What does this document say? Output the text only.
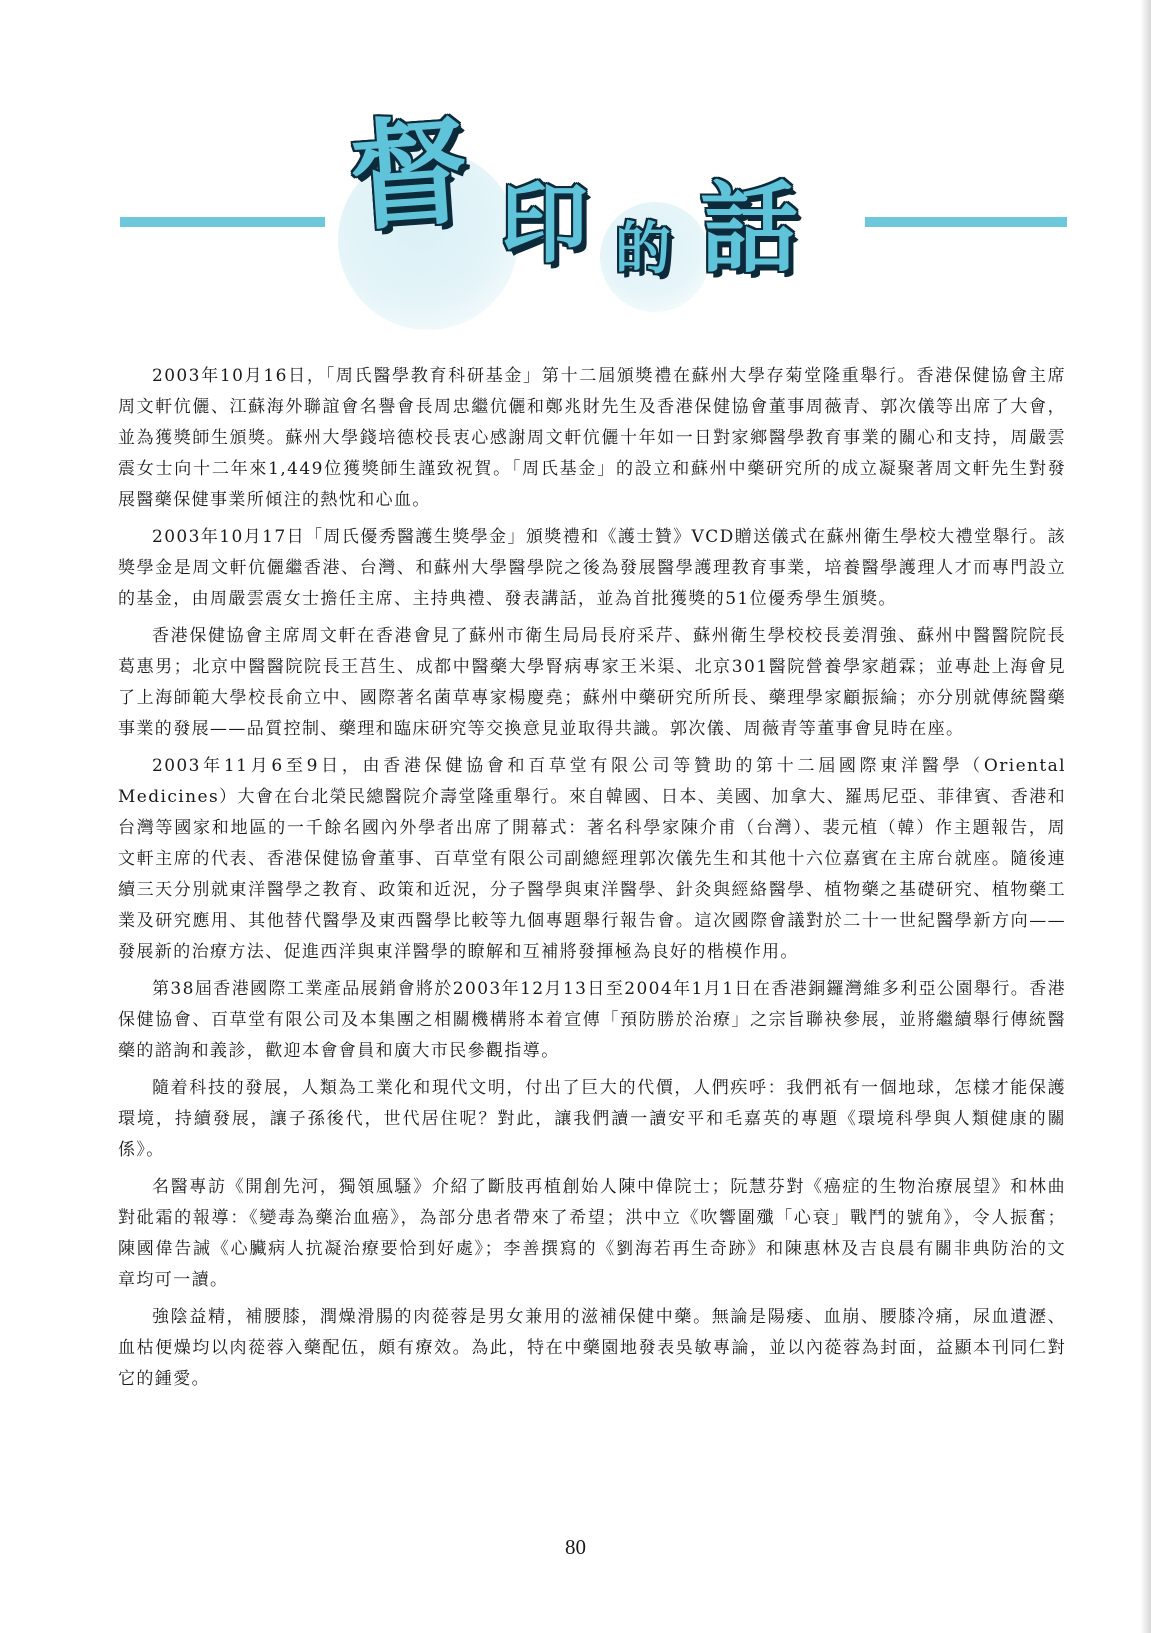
督 印 的 話

2003年10月16日，「周氏醫學教育科研基金」第十二屆頒獎禮在蘇州大學存菊堂隆重舉行。香港保健協會主席周文軒伉儷、江蘇海外聯誼會名譽會長周忠繼伉儷和鄭兆財先生及香港保健協會董事周薇青、郭次儀等出席了大會，並為獲獎師生頒獎。蘇州大學錢培德校長衷心感謝周文軒伉儷十年如一日對家鄉醫學教育事業的關心和支持，周嚴雲震女士向十二年來1,449位獲獎師生謹致祝賀。「周氏基金」的設立和蘇州中藥研究所的成立凝聚著周文軒先生對發展醫藥保健事業所傾注的熱忱和心血。

2003年10月17日「周氏優秀醫護生獎學金」頒獎禮和《護士贊》VCD贈送儀式在蘇州衛生學校大禮堂舉行。該獎學金是周文軒伉儷繼香港、台灣、和蘇州大學醫學院之後為發展醫學護理教育事業，培養醫學護理人才而專門設立的基金，由周嚴雲震女士擔任主席、主持典禮、發表講話，並為首批獲獎的51位優秀學生頒獎。

香港保健協會主席周文軒在香港會見了蘇州市衛生局局長府采芹、蘇州衛生學校校長姜渭強、蘇州中醫醫院院長葛惠男；北京中醫醫院院長王莒生、成都中醫藥大學腎病專家王米渠、北京301醫院營養學家趙霖；並專赴上海會見了上海師範大學校長俞立中、國際著名菌草專家楊慶堯；蘇州中藥研究所所長、藥理學家顧振綸；亦分別就傳統醫藥事業的發展——品質控制、藥理和臨床研究等交換意見並取得共識。郭次儀、周薇青等董事會見時在座。

2003年11月6至9日，由香港保健協會和百草堂有限公司等贊助的第十二屆國際東洋醫學（Oriental Medicines）大會在台北榮民總醫院介壽堂隆重舉行。來自韓國、日本、美國、加拿大、羅馬尼亞、菲律賓、香港和台灣等國家和地區的一千餘名國內外學者出席了開幕式：著名科學家陳介甫（台灣）、裴元植（韓）作主題報告，周文軒主席的代表、香港保健協會董事、百草堂有限公司副總經理郭次儀先生和其他十六位嘉賓在主席台就座。隨後連續三天分別就東洋醫學之教育、政策和近況，分子醫學與東洋醫學、針灸與經絡醫學、植物藥之基礎研究、植物藥工業及研究應用、其他替代醫學及東西醫學比較等九個專題舉行報告會。這次國際會議對於二十一世紀醫學新方向——發展新的治療方法、促進西洋與東洋醫學的瞭解和互補將發揮極為良好的楷模作用。

第38屆香港國際工業產品展銷會將於2003年12月13日至2004年1月1日在香港銅鑼灣維多利亞公園舉行。香港保健協會、百草堂有限公司及本集團之相關機構將本着宣傳「預防勝於治療」之宗旨聯袂參展，並將繼續舉行傳統醫藥的諮詢和義診，歡迎本會會員和廣大市民參觀指導。

隨着科技的發展，人類為工業化和現代文明，付出了巨大的代價，人們疾呼：我們祇有一個地球，怎樣才能保護環境，持續發展，讓子孫後代，世代居住呢？對此，讓我們讀一讀安平和毛嘉英的專題《環境科學與人類健康的關係》。

名醫專訪《開創先河，獨領風騷》介紹了斷肢再植創始人陳中偉院士；阮慧芬對《癌症的生物治療展望》和林曲對砒霜的報導：《變毒為藥治血癌》，為部分患者帶來了希望；洪中立《吹響圍殲「心衰」戰鬥的號角》，令人振奮；陳國偉告誡《心臟病人抗凝治療要恰到好處》；李善撰寫的《劉海若再生奇跡》和陳惠林及吉良晨有關非典防治的文章均可一讀。

強陰益精，補腰膝，潤燥滑腸的肉蓯蓉是男女兼用的滋補保健中藥。無論是陽痿、血崩、腰膝冷痛，尿血遺瀝、血枯便燥均以肉蓯蓉入藥配伍，頗有療效。為此，特在中藥園地發表吳敏專論，並以內蓯蓉為封面，益顯本刊同仁對它的鍾愛。

80
